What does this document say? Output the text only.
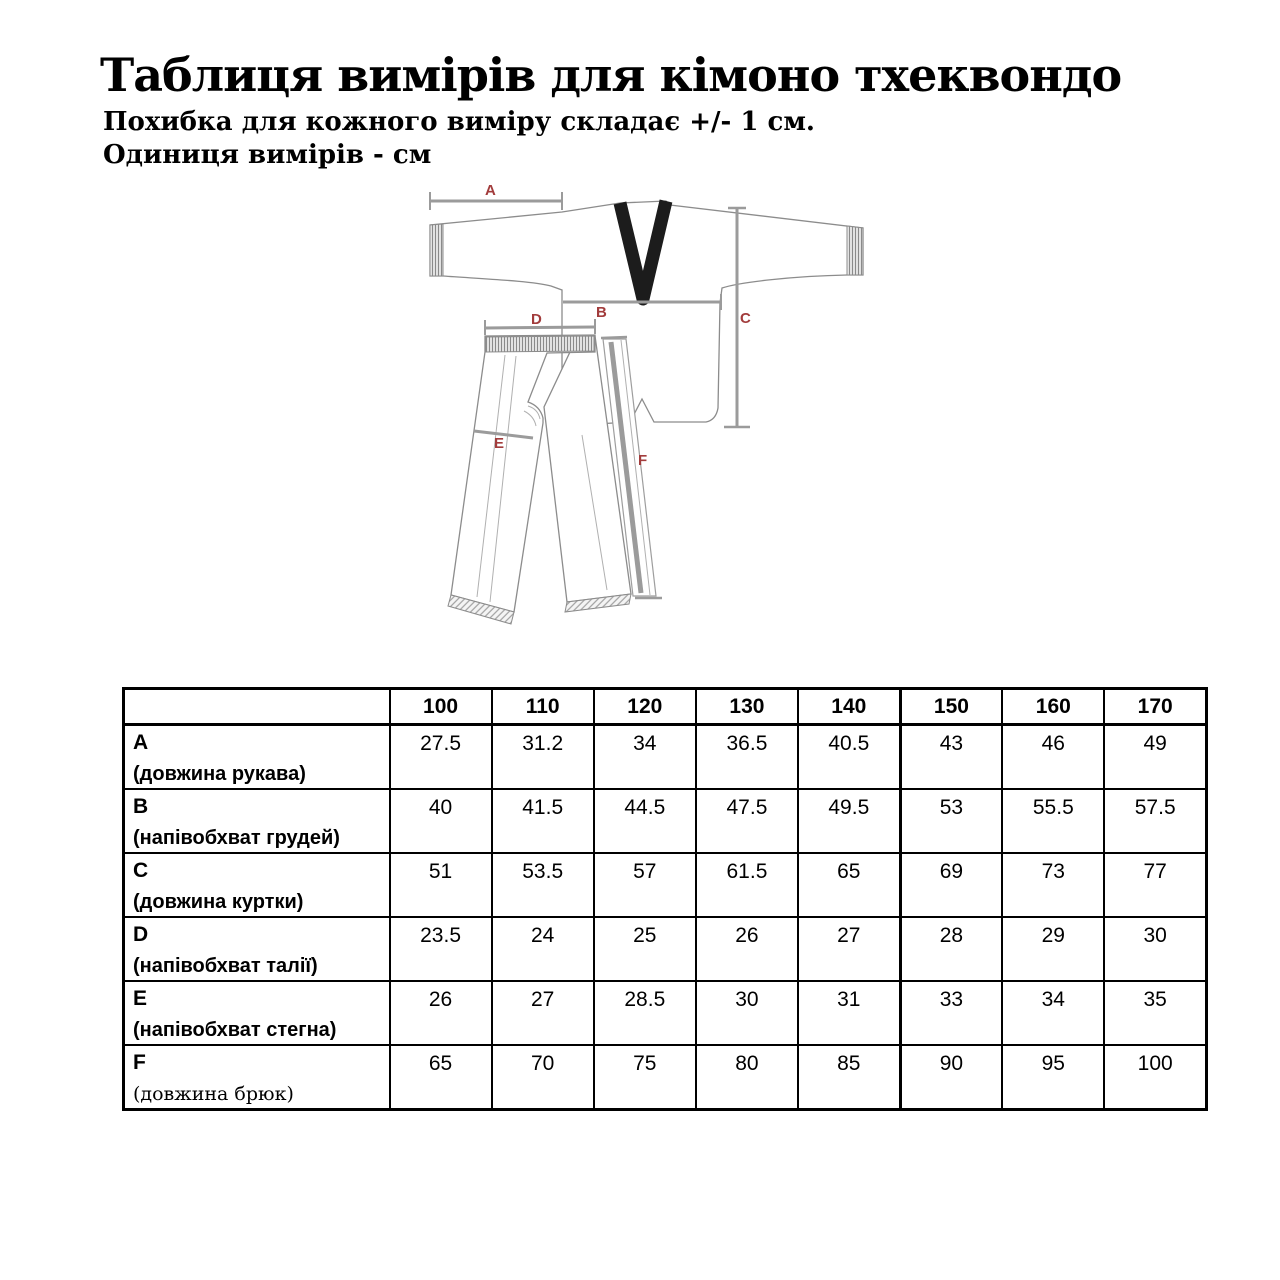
Таблиця вимірів для кімоно тхеквондо
Похибка для кожного виміру складає +/- 1 см.
Одиниця вимірів - см
A
B	C
D
E
F
	100	110	120	130	140	150	160	170

A
(довжина рукава)	27.5	31.2	34	36.5	40.5	43	46	49

B
(напівобхват грудей)	40	41.5	44.5	47.5	49.5	53	55.5	57.5

C
(довжина куртки)	51	53.5	57	61.5	65	69	73	77

D
(напівобхват талії)	23.5	24	25	26	27	28	29	30

E
(напівобхват стегна)	26	27	28.5	30	31	33	34	35

F
(довжина брюк)	65	70	75	80	85	90	95	100
